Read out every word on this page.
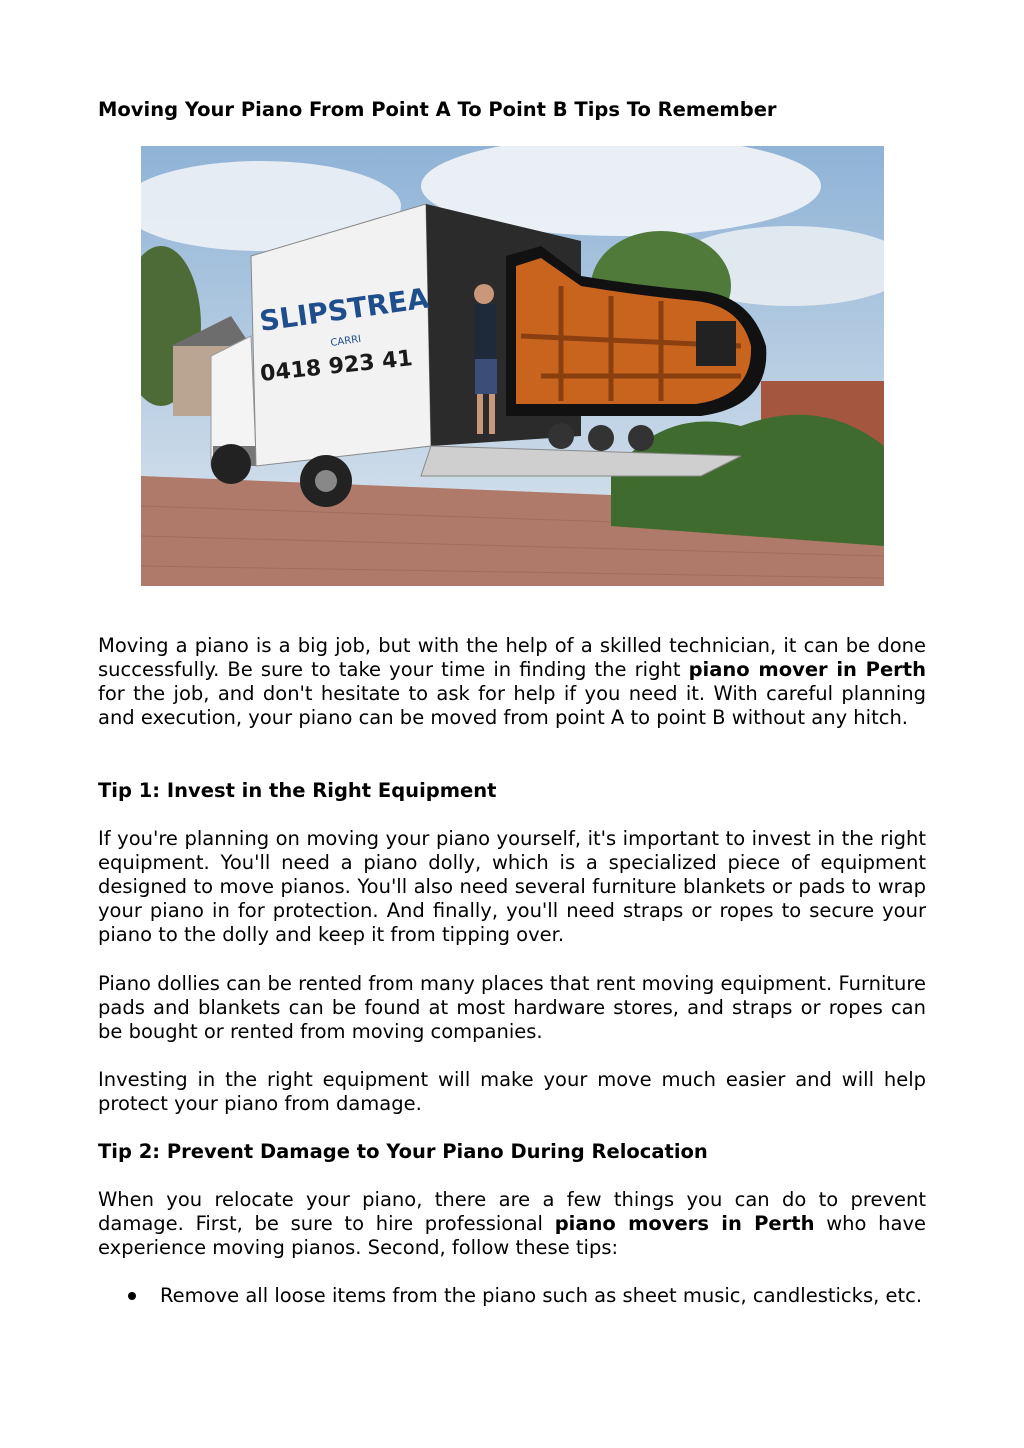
Moving Your Piano From Point A To Point B Tips To Remember
SLIPSTREA
CARRI
0418 923 41

Moving a piano is a big job, but with the help of a skilled technician, it can be done successfully. Be sure to take your time in finding the right piano mover in Perth for the job, and don't hesitate to ask for help if you need it. With careful planning and execution, your piano can be moved from point A to point B without any hitch.

Tip 1: Invest in the Right Equipment

If you're planning on moving your piano yourself, it's important to invest in the right equipment. You'll need a piano dolly, which is a specialized piece of equipment designed to move pianos. You'll also need several furniture blankets or pads to wrap your piano in for protection. And finally, you'll need straps or ropes to secure your piano to the dolly and keep it from tipping over.

Piano dollies can be rented from many places that rent moving equipment. Furniture pads and blankets can be found at most hardware stores, and straps or ropes can be bought or rented from moving companies.

Investing in the right equipment will make your move much easier and will help protect your piano from damage.

Tip 2: Prevent Damage to Your Piano During Relocation

When you relocate your piano, there are a few things you can do to prevent damage. First, be sure to hire professional piano movers in Perth who have experience moving pianos. Second, follow these tips:

Remove all loose items from the piano such as sheet music, candlesticks, etc.
